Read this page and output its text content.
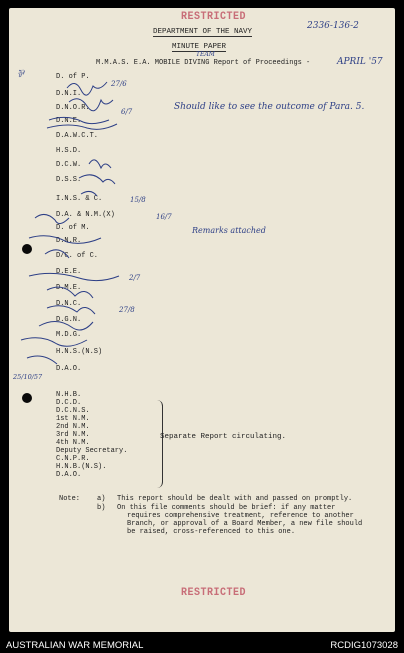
RESTRICTED
2336-136-2
DEPARTMENT OF THE NAVY
MINUTE PAPER
TEAM
M.M.A.S. E.A. MOBILE DIVING Report of Proceedings -	APRIL '57
⅌	D. of P.
D.N.I.
D.N.O.R.
D.N.E.
D.A.W.C.T.
H.S.D.
D.C.W.
D.S.S.
I.N.S. & C.
D.A. & N.M.(X)
D. of M.
D.N.R.
D/C. of C.
D.E.E.
D.M.E.
D.N.C.
D.G.N.
M.D.G.
H.N.S.(N.S)
D.A.O.
27/6
6/7	Should like to see the outcome of Para. 5.
15/8
16/7
Remarks attached
27/8
2/7
25/10/57
N.H.B.
D.C.D.
D.C.N.S.
1st N.M.
2nd N.M.
3rd N.M.
4th N.M.
Deputy Secretary.
C.N.P.R.
H.N.B.(N.S).
D.A.O.
Separate Report circulating.
Note: a) This report should be dealt with and passed on promptly.
b) On this file comments should be brief: if any matter
requires comprehensive treatment, reference to another
Branch, or approval of a Board Member, a new file should
be raised, cross-referenced to this one.
RESTRICTED
AUSTRALIAN WAR MEMORIAL	RCDIG1073028
